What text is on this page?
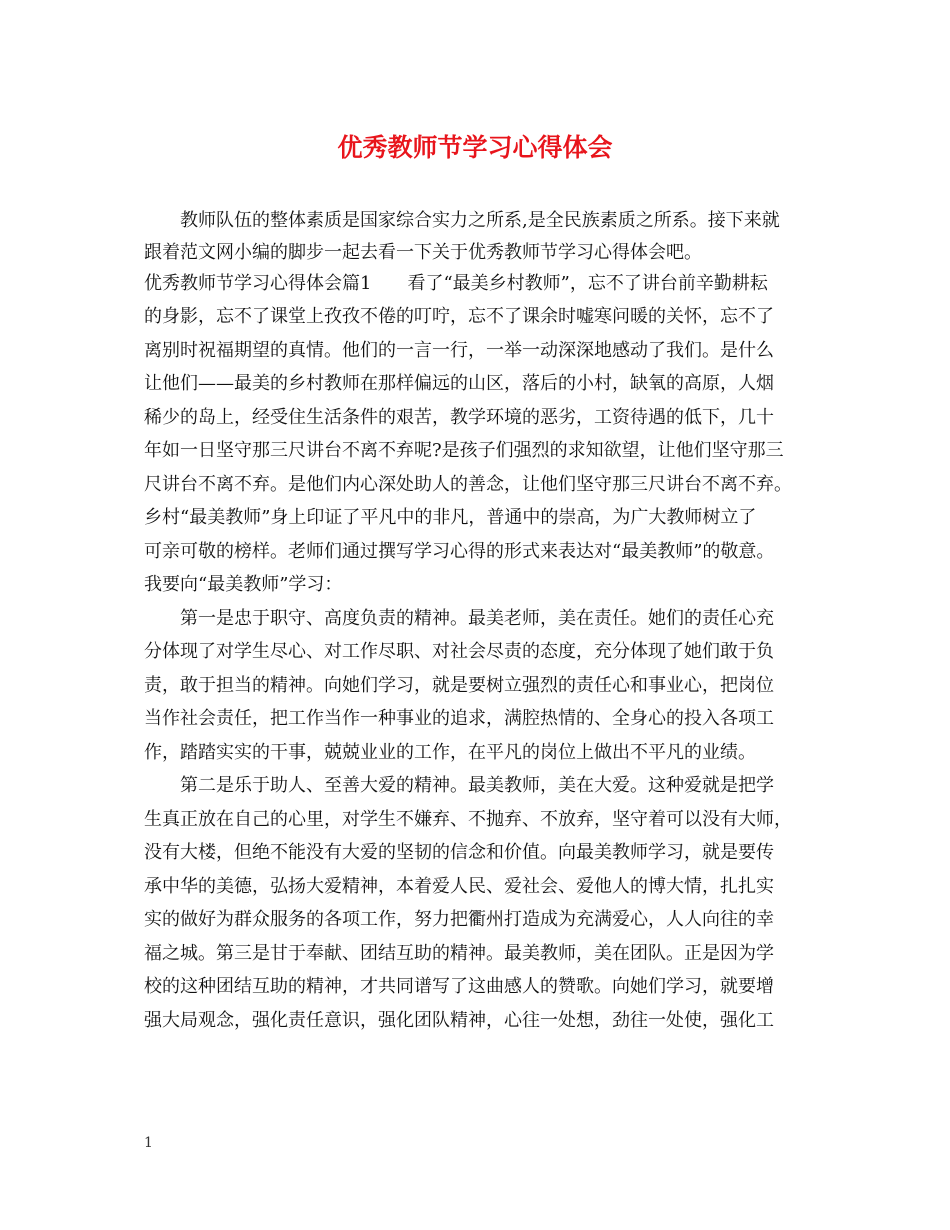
优秀教师节学习心得体会

教师队伍的整体素质是国家综合实力之所系,是全民族素质之所系。接下来就

跟着范文网小编的脚步一起去看一下关于优秀教师节学习心得体会吧。

优秀教师节学习心得体会篇1　　看了“最美乡村教师”，忘不了讲台前辛勤耕耘

的身影，忘不了课堂上孜孜不倦的叮咛，忘不了课余时嘘寒问暖的关怀，忘不了

离别时祝福期望的真情。他们的一言一行，一举一动深深地感动了我们。是什么

让他们——最美的乡村教师在那样偏远的山区，落后的小村，缺氧的高原，人烟

稀少的岛上，经受住生活条件的艰苦，教学环境的恶劣，工资待遇的低下，几十

年如一日坚守那三尺讲台不离不弃呢?是孩子们强烈的求知欲望，让他们坚守那三

尺讲台不离不弃。是他们内心深处助人的善念，让他们坚守那三尺讲台不离不弃。

乡村“最美教师”身上印证了平凡中的非凡，普通中的崇高，为广大教师树立了

可亲可敬的榜样。老师们通过撰写学习心得的形式来表达对“最美教师”的敬意。

我要向“最美教师”学习：

第一是忠于职守、高度负责的精神。最美老师，美在责任。她们的责任心充

分体现了对学生尽心、对工作尽职、对社会尽责的态度，充分体现了她们敢于负

责，敢于担当的精神。向她们学习，就是要树立强烈的责任心和事业心，把岗位

当作社会责任，把工作当作一种事业的追求，满腔热情的、全身心的投入各项工

作，踏踏实实的干事，兢兢业业的工作，在平凡的岗位上做出不平凡的业绩。

第二是乐于助人、至善大爱的精神。最美教师，美在大爱。这种爱就是把学

生真正放在自己的心里，对学生不嫌弃、不抛弃、不放弃，坚守着可以没有大师，

没有大楼，但绝不能没有大爱的坚韧的信念和价值。向最美教师学习，就是要传

承中华的美德，弘扬大爱精神，本着爱人民、爱社会、爱他人的博大情，扎扎实

实的做好为群众服务的各项工作，努力把衢州打造成为充满爱心，人人向往的幸

福之城。第三是甘于奉献、团结互助的精神。最美教师，美在团队。正是因为学

校的这种团结互助的精神，才共同谱写了这曲感人的赞歌。向她们学习，就要增

强大局观念，强化责任意识，强化团队精神，心往一处想，劲往一处使，强化工

1
